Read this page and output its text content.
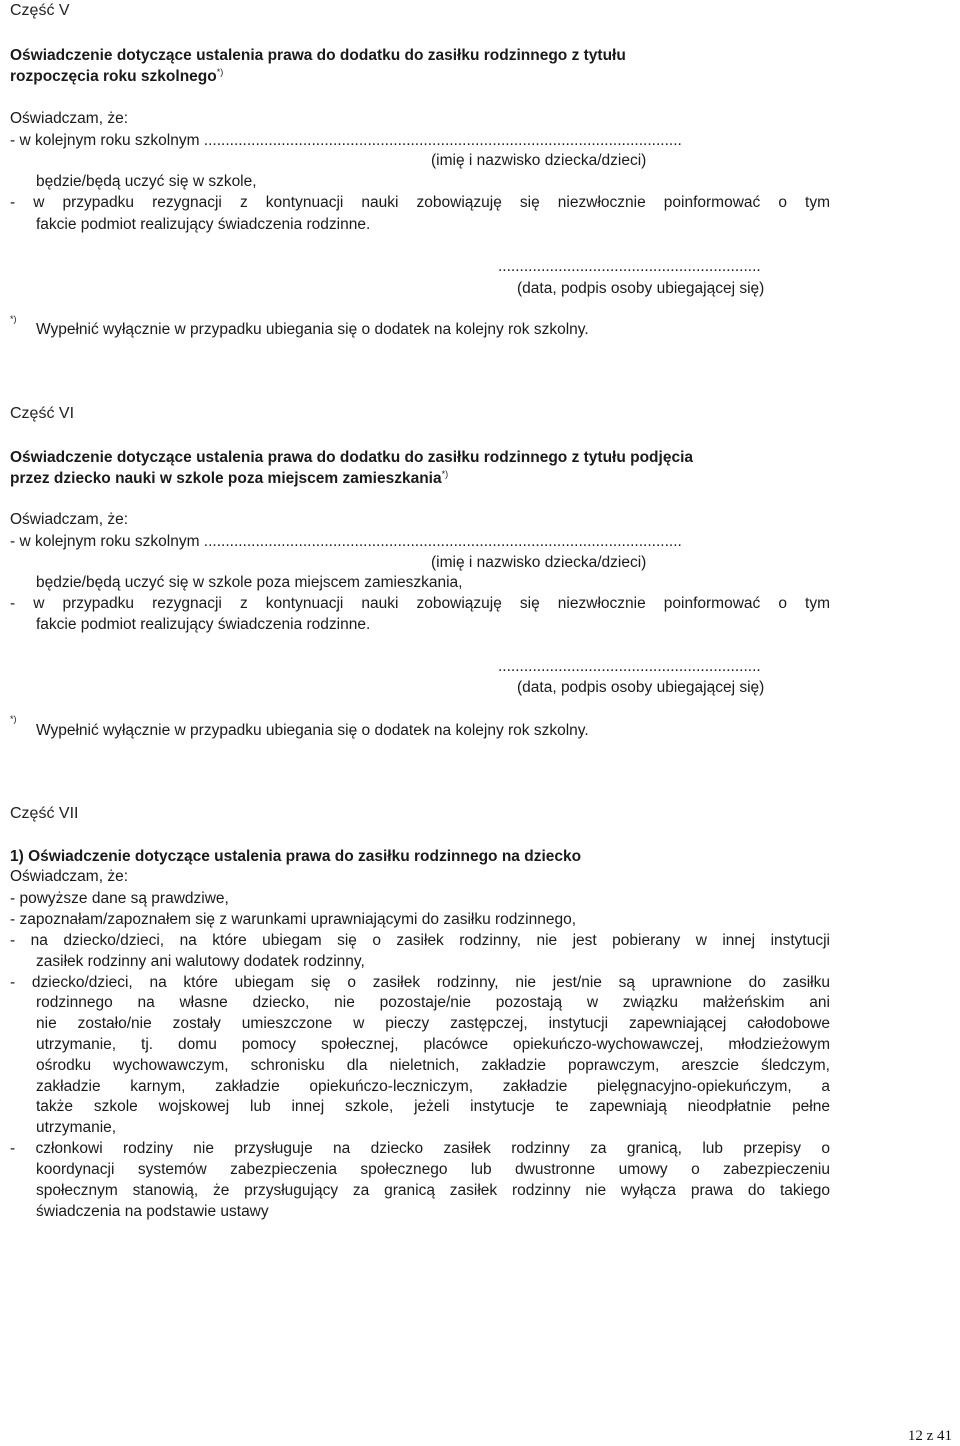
Część V

Oświadczenie dotyczące ustalenia prawa do dodatku do zasiłku rodzinnego z tytułu

rozpoczęcia roku szkolnego*)

Oświadczam, że:

- w kolejnym roku szkolnym ...............................................................................................................

(imię i nazwisko dziecka/dzieci)

będzie/będą uczyć się w szkole,

- w przypadku rezygnacji z kontynuacji nauki zobowiązuję się niezwłocznie poinformować o tym

fakcie podmiot realizujący świadczenia rodzinne.

.............................................................

(data, podpis osoby ubiegającej się)

*)

Wypełnić wyłącznie w przypadku ubiegania się o dodatek na kolejny rok szkolny.

Część VI

Oświadczenie dotyczące ustalenia prawa do dodatku do zasiłku rodzinnego z tytułu podjęcia

przez dziecko nauki w szkole poza miejscem zamieszkania*)

Oświadczam, że:

- w kolejnym roku szkolnym ...............................................................................................................

(imię i nazwisko dziecka/dzieci)

będzie/będą uczyć się w szkole poza miejscem zamieszkania,

- w przypadku rezygnacji z kontynuacji nauki zobowiązuję się niezwłocznie poinformować o tym

fakcie podmiot realizujący świadczenia rodzinne.

.............................................................

(data, podpis osoby ubiegającej się)

*)

Wypełnić wyłącznie w przypadku ubiegania się o dodatek na kolejny rok szkolny.

Część VII

1) Oświadczenie dotyczące ustalenia prawa do zasiłku rodzinnego na dziecko

Oświadczam, że:

- powyższe dane są prawdziwe,

- zapoznałam/zapoznałem się z warunkami uprawniającymi do zasiłku rodzinnego,

- na dziecko/dzieci, na które ubiegam się o zasiłek rodzinny, nie jest pobierany w innej instytucji

zasiłek rodzinny ani walutowy dodatek rodzinny,

- dziecko/dzieci, na które ubiegam się o zasiłek rodzinny, nie jest/nie są uprawnione do zasiłku

rodzinnego na własne dziecko, nie pozostaje/nie pozostają w związku małżeńskim ani

nie zostało/nie zostały umieszczone w pieczy zastępczej, instytucji zapewniającej całodobowe

utrzymanie, tj. domu pomocy społecznej, placówce opiekuńczo-wychowawczej, młodzieżowym

ośrodku wychowawczym, schronisku dla nieletnich, zakładzie poprawczym, areszcie śledczym,

zakładzie karnym, zakładzie opiekuńczo-leczniczym, zakładzie pielęgnacyjno-opiekuńczym, a

także szkole wojskowej lub innej szkole, jeżeli instytucje te zapewniają nieodpłatnie pełne

utrzymanie,

- członkowi rodziny nie przysługuje na dziecko zasiłek rodzinny za granicą, lub przepisy o

koordynacji systemów zabezpieczenia społecznego lub dwustronne umowy o zabezpieczeniu

społecznym stanowią, że przysługujący za granicą zasiłek rodzinny nie wyłącza prawa do takiego

świadczenia na podstawie ustawy

12 z 41
